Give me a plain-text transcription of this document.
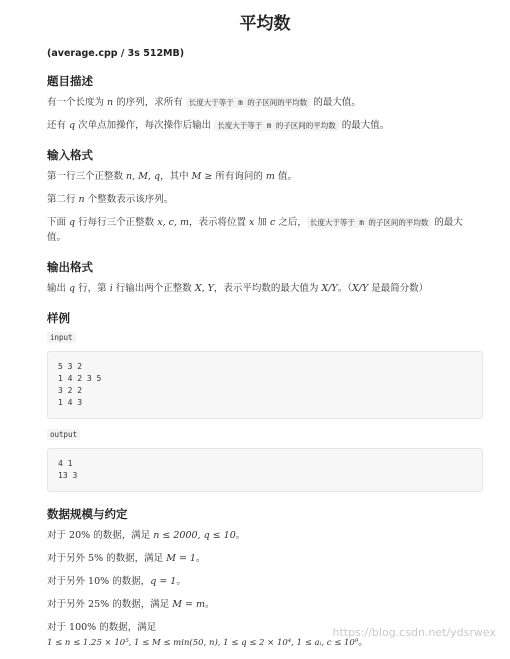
平均数
(average.cpp / 3s 512MB)
题目描述

有一个长度为 n 的序列，求所有 长度大于等于 m 的子区间的平均数 的最大值。

还有 q 次单点加操作，每次操作后输出 长度大于等于 m 的子区间的平均数 的最大值。

输入格式

第一行三个正整数 n, M, q，其中 M ≥ 所有询问的 m 值。

第二行 n 个整数表示该序列。

下面 q 行每行三个正整数 x, c, m，表示将位置 x 加 c 之后， 长度大于等于 m 的子区间的平均数 的最大
值。

输出格式

输出 q 行，第 i 行输出两个正整数 X, Y，表示平均数的最大值为 X/Y。（X/Y 是最简分数）

样例
input
5 3 2
1 4 2 3 5
3 2 2
1 4 3
output
4 1
13 3
数据规模与约定

对于 20% 的数据，满足 n ≤ 2000, q ≤ 10。

对于另外 5% 的数据，满足 M = 1。

对于另外 10% 的数据，q = 1。

对于另外 25% 的数据，满足 M = m。

对于 100% 的数据，满足
1 ≤ n ≤ 1.25 × 10⁵, 1 ≤ M ≤ min(50, n), 1 ≤ q ≤ 2 × 10⁴, 1 ≤ aᵢ, c ≤ 10⁹。

https://blog.csdn.net/ydsrwex
